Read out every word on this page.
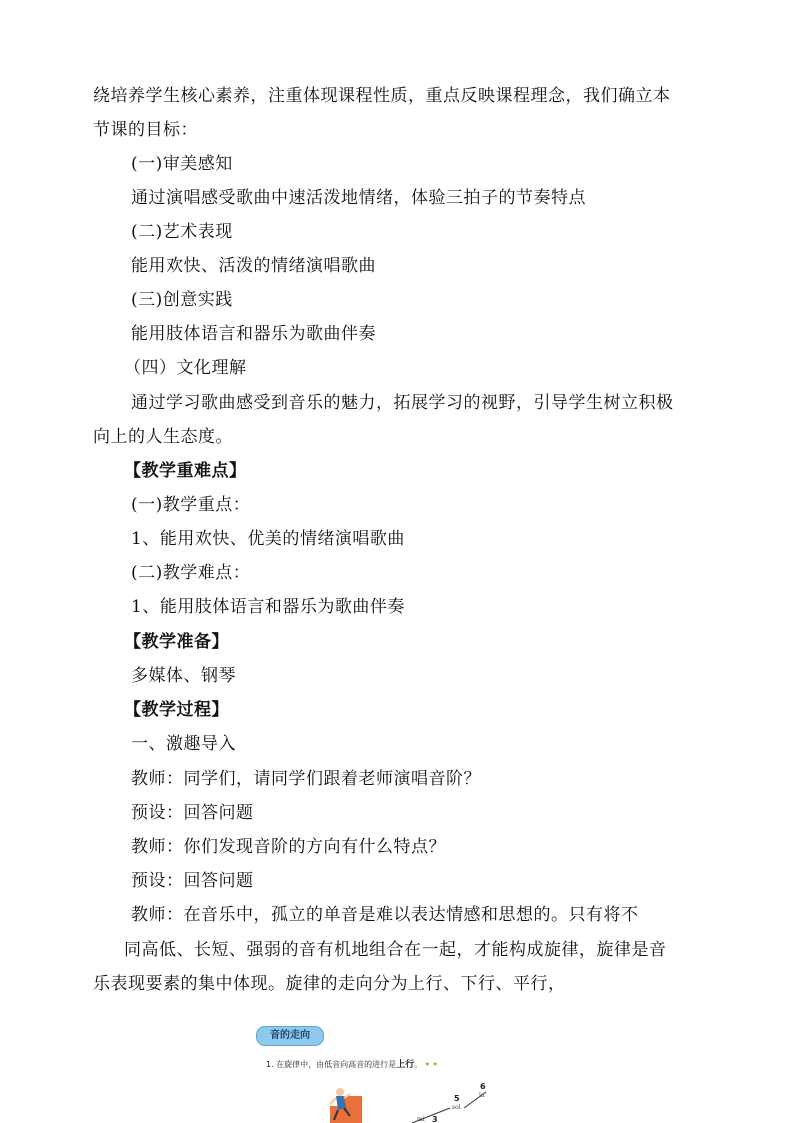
绕培养学生核心素养，注重体现课程性质，重点反映课程理念，我们确立本
节课的目标：
(一)审美感知
通过演唱感受歌曲中速活泼地情绪，体验三拍子的节奏特点
(二)艺术表现
能用欢快、活泼的情绪演唱歌曲
(三)创意实践
能用肢体语言和器乐为歌曲伴奏
（四）文化理解
通过学习歌曲感受到音乐的魅力，拓展学习的视野，引导学生树立积极
向上的人生态度。
【教学重难点】
(一)教学重点：
1、能用欢快、优美的情绪演唱歌曲
(二)教学难点：
1、能用肢体语言和器乐为歌曲伴奏
【教学准备】
多媒体、钢琴
【教学过程】
一、激趣导入
教师：同学们，请同学们跟着老师演唱音阶？
预设：回答问题
教师：你们发现音阶的方向有什么特点？
预设：回答问题
教师：在音乐中，孤立的单音是难以表达情感和思想的。只有将不
同高低、长短、强弱的音有机地组合在一起，才能构成旋律，旋律是音
乐表现要素的集中体现。旋律的走向分为上行、下行、平行，
音的走向
1. 在旋律中，由低音向高音的进行是上行。 • •
6
la
5
sol
3
mi
